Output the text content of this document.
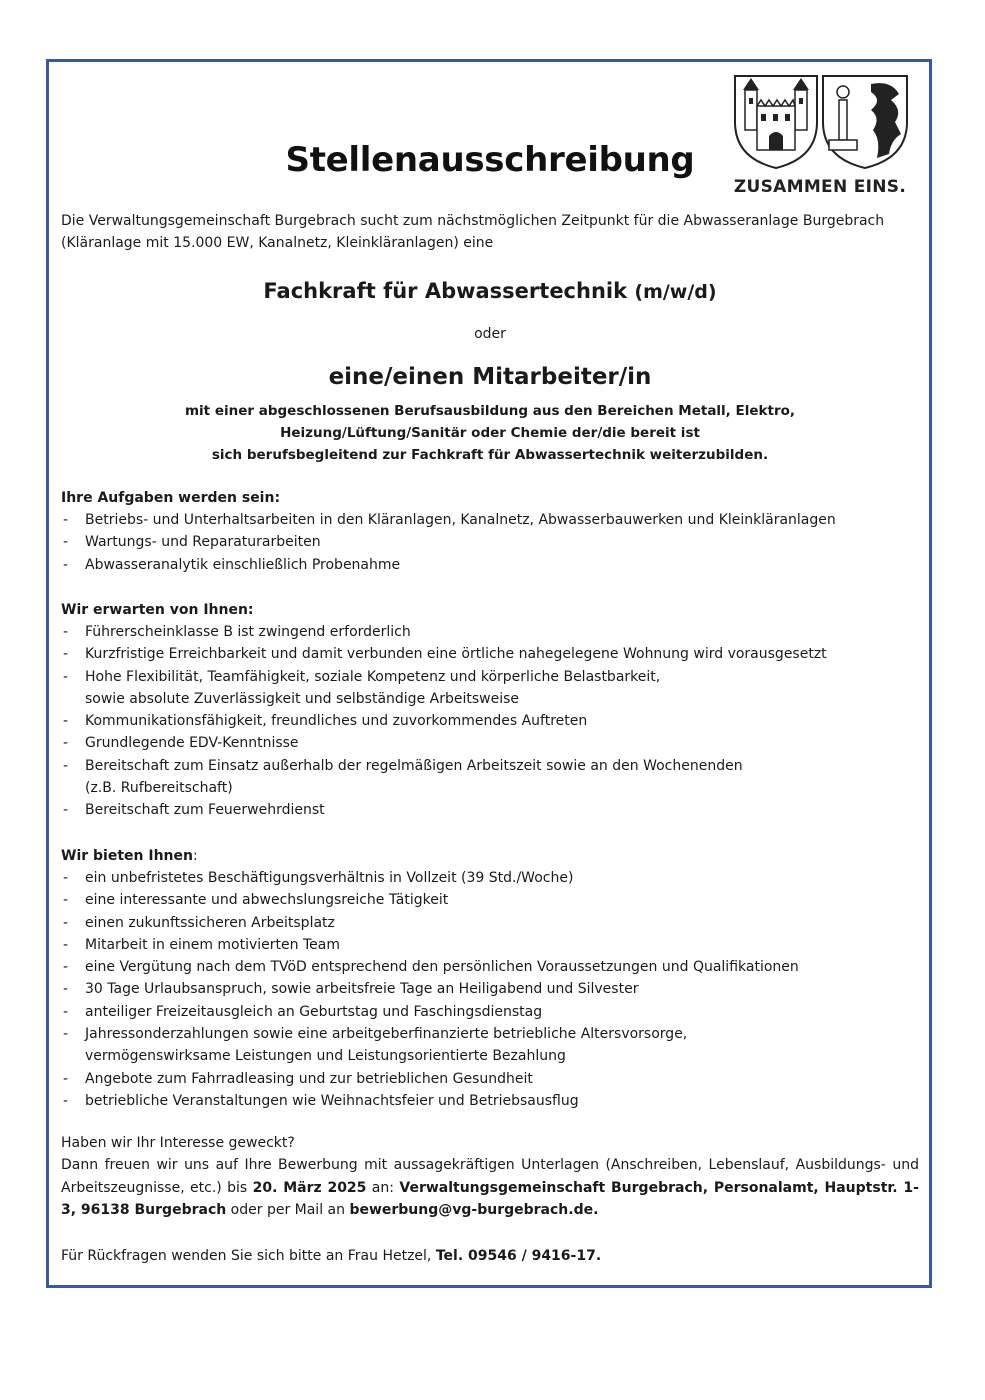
ZUSAMMEN EINS.
Stellenausschreibung
Die Verwaltungsgemeinschaft Burgebrach sucht zum nächstmöglichen Zeitpunkt für die Abwasseranlage Burgebrach (Kläranlage mit 15.000 EW, Kanalnetz, Kleinkläranlagen) eine
Fachkraft für Abwassertechnik (m/w/d)
oder
eine/einen Mitarbeiter/in
mit einer abgeschlossenen Berufsausbildung aus den Bereichen Metall, Elektro,
Heizung/Lüftung/Sanitär oder Chemie der/die bereit ist
sich berufsbegleitend zur Fachkraft für Abwassertechnik weiterzubilden.
Ihre Aufgaben werden sein:
- Betriebs- und Unterhaltsarbeiten in den Kläranlagen, Kanalnetz, Abwasserbauwerken und Kleinkläranlagen
- Wartungs- und Reparaturarbeiten
- Abwasseranalytik einschließlich Probenahme
Wir erwarten von Ihnen:
- Führerscheinklasse B ist zwingend erforderlich
- Kurzfristige Erreichbarkeit und damit verbunden eine örtliche nahegelegene Wohnung wird vorausgesetzt
- Hohe Flexibilität, Teamfähigkeit, soziale Kompetenz und körperliche Belastbarkeit,
sowie absolute Zuverlässigkeit und selbständige Arbeitsweise
- Kommunikationsfähigkeit, freundliches und zuvorkommendes Auftreten
- Grundlegende EDV-Kenntnisse
- Bereitschaft zum Einsatz außerhalb der regelmäßigen Arbeitszeit sowie an den Wochenenden
(z.B. Rufbereitschaft)
- Bereitschaft zum Feuerwehrdienst
Wir bieten Ihnen:
- ein unbefristetes Beschäftigungsverhältnis in Vollzeit (39 Std./Woche)
- eine interessante und abwechslungsreiche Tätigkeit
- einen zukunftssicheren Arbeitsplatz
- Mitarbeit in einem motivierten Team
- eine Vergütung nach dem TVöD entsprechend den persönlichen Voraussetzungen und Qualifikationen
- 30 Tage Urlaubsanspruch, sowie arbeitsfreie Tage an Heiligabend und Silvester
- anteiliger Freizeitausgleich an Geburtstag und Faschingsdienstag
- Jahressonderzahlungen sowie eine arbeitgeberfinanzierte betriebliche Altersvorsorge,
vermögenswirksame Leistungen und Leistungsorientierte Bezahlung
- Angebote zum Fahrradleasing und zur betrieblichen Gesundheit
- betriebliche Veranstaltungen wie Weihnachtsfeier und Betriebsausflug
Haben wir Ihr Interesse geweckt?
Dann freuen wir uns auf Ihre Bewerbung mit aussagekräftigen Unterlagen (Anschreiben, Lebenslauf, Ausbildungs- und Arbeitszeugnisse, etc.) bis 20. März 2025 an: Verwaltungsgemeinschaft Burgebrach, Personalamt, Hauptstr. 1-3, 96138 Burgebrach oder per Mail an bewerbung@vg-burgebrach.de.
Für Rückfragen wenden Sie sich bitte an Frau Hetzel, Tel. 09546 / 9416-17.
